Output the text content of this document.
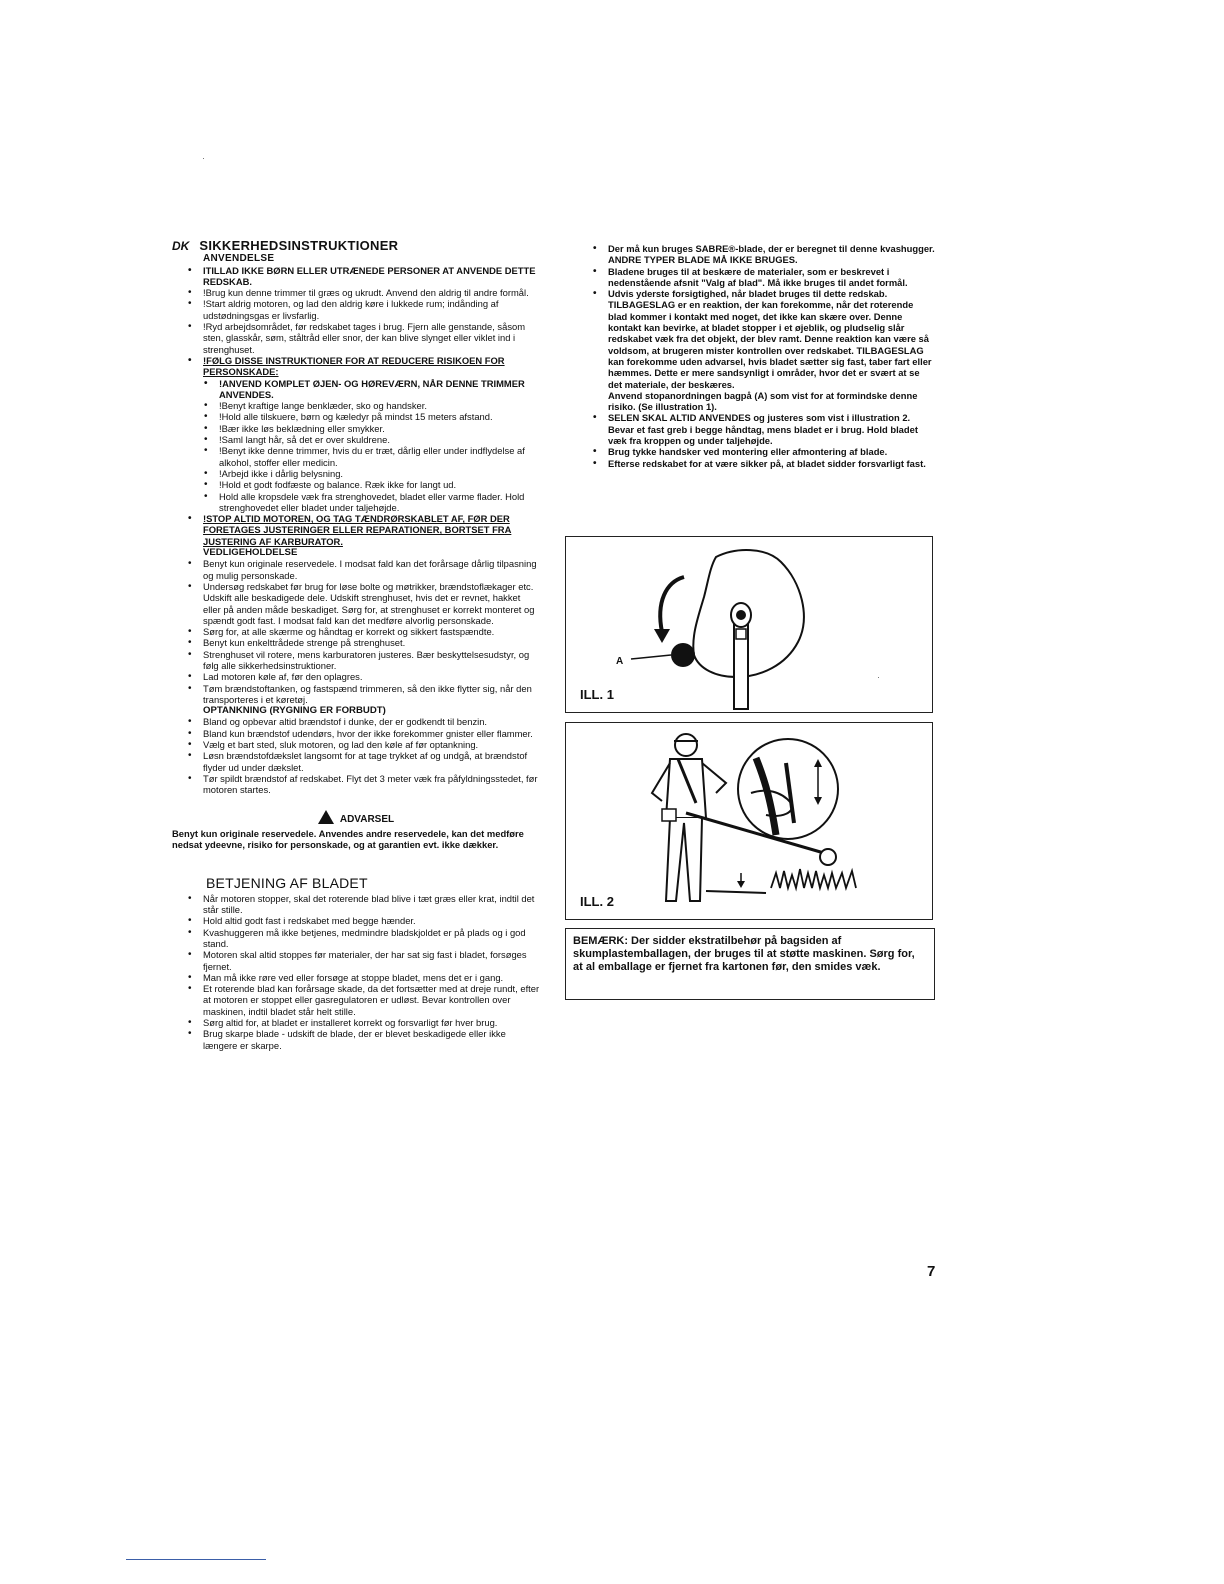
DK SIKKERHEDSINSTRUKTIONER
ANVENDELSE
• ITILLAD IKKE BØRN ELLER UTRÆNEDE PERSONER AT ANVENDE DETTE REDSKAB.
• !Brug kun denne trimmer til græs og ukrudt. Anvend den aldrig til andre formål.
• !Start aldrig motoren, og lad den aldrig køre i lukkede rum; indånding af udstødningsgas er livsfarlig.
• !Ryd arbejdsområdet, før redskabet tages i brug. Fjern alle genstande, såsom sten, glasskår, søm, ståltråd eller snor, der kan blive slynget eller viklet ind i strenghuset.
• !FØLG DISSE INSTRUKTIONER FOR AT REDUCERE RISIKOEN FOR PERSONSKADE:
• !ANVEND KOMPLET ØJEN- OG HØREVÆRN, NÅR DENNE TRIMMER ANVENDES.
• !Benyt kraftige lange benklæder, sko og handsker.
• !Hold alle tilskuere, børn og kæledyr på mindst 15 meters afstand.
• !Bær ikke løs beklædning eller smykker.
• !Saml langt hår, så det er over skuldrene.
• !Benyt ikke denne trimmer, hvis du er træt, dårlig eller under indflydelse af alkohol, stoffer eller medicin.
• !Arbejd ikke i dårlig belysning.
• !Hold et godt fodfæste og balance. Ræk ikke for langt ud.
• Hold alle kropsdele væk fra strenghovedet, bladet eller varme flader. Hold strenghovedet eller bladet under taljehøjde.
• !STOP ALTID MOTOREN, OG TAG TÆNDRØRSKABLET AF, FØR DER FORETAGES JUSTERINGER ELLER REPARATIONER, BORTSET FRA JUSTERING AF KARBURATOR.
VEDLIGEHOLDELSE
• Benyt kun originale reservedele. I modsat fald kan det forårsage dårlig tilpasning og mulig personskade.
• Undersøg redskabet før brug for løse bolte og møtrikker, brændstoflækager etc. Udskift alle beskadigede dele. Udskift strenghuset, hvis det er revnet, hakket eller på anden måde beskadiget. Sørg for, at strenghuset er korrekt monteret og spændt godt fast. I modsat fald kan det medføre alvorlig personskade.
• Sørg for, at alle skærme og håndtag er korrekt og sikkert fastspændte.
• Benyt kun enkelttrådede strenge på strenghuset.
• Strenghuset vil rotere, mens karburatoren justeres. Bær beskyttelsesudstyr, og følg alle sikkerhedsinstruktioner.
• Lad motoren køle af, før den oplagres.
• Tøm brændstoftanken, og fastspænd trimmeren, så den ikke flytter sig, når den transporteres i et køretøj.
OPTANKNING (RYGNING ER FORBUDT)
• Bland og opbevar altid brændstof i dunke, der er godkendt til benzin.
• Bland kun brændstof udendørs, hvor der ikke forekommer gnister eller flammer.
• Vælg et bart sted, sluk motoren, og lad den køle af før optankning.
• Løsn brændstofdækslet langsomt for at tage trykket af og undgå, at brændstof flyder ud under dækslet.
• Tør spildt brændstof af redskabet. Flyt det 3 meter væk fra påfyldningsstedet, før motoren startes.
ADVARSEL
Benyt kun originale reservedele. Anvendes andre reservedele, kan det medføre nedsat ydeevne, risiko for personskade, og at garantien evt. ikke dækker.
BETJENING AF BLADET
• Når motoren stopper, skal det roterende blad blive i tæt græs eller krat, indtil det står stille.
• Hold altid godt fast i redskabet med begge hænder.
• Kvashuggeren må ikke betjenes, medmindre bladskjoldet er på plads og i god stand.
• Motoren skal altid stoppes før materialer, der har sat sig fast i bladet, forsøges fjernet.
• Man må ikke røre ved eller forsøge at stoppe bladet, mens det er i gang.
• Et roterende blad kan forårsage skade, da det fortsætter med at dreje rundt, efter at motoren er stoppet eller gasregulatoren er udløst. Bevar kontrollen over maskinen, indtil bladet står helt stille.
• Sørg altid for, at bladet er installeret korrekt og forsvarligt før hver brug.
• Brug skarpe blade - udskift de blade, der er blevet beskadigede eller ikke længere er skarpe.
• Der må kun bruges SABRE®-blade, der er beregnet til denne kvashugger. ANDRE TYPER BLADE MÅ IKKE BRUGES.
• Bladene bruges til at beskære de materialer, som er beskrevet i nedenstående afsnit "Valg af blad". Må ikke bruges til andet formål.
• Udvis yderste forsigtighed, når bladet bruges til dette redskab. TILBAGESLAG er en reaktion, der kan forekomme, når det roterende blad kommer i kontakt med noget, det ikke kan skære over. Denne kontakt kan bevirke, at bladet stopper i et øjeblik, og pludselig slår redskabet væk fra det objekt, der blev ramt. Denne reaktion kan være så voldsom, at brugeren mister kontrollen over redskabet. TILBAGESLAG kan forekomme uden advarsel, hvis bladet sætter sig fast, taber fart eller hæmmes. Dette er mere sandsynligt i områder, hvor det er svært at se det materiale, der beskæres.
Anvend stopanordningen bagpå (A) som vist for at formindske denne risiko. (Se illustration 1).
• SELEN SKAL ALTID ANVENDES og justeres som vist i illustration 2. Bevar et fast greb i begge håndtag, mens bladet er i brug. Hold bladet væk fra kroppen og under taljehøjde.
• Brug tykke handsker ved montering eller afmontering af blade.
• Efterse redskabet for at være sikker på, at bladet sidder forsvarligt fast.
A
ILL. 1
ILL. 2
BEMÆRK: Der sidder ekstratilbehør på bagsiden af skumplastemballagen, der bruges til at støtte maskinen. Sørg for, at al emballage er fjernet fra kartonen før, den smides væk.
7
